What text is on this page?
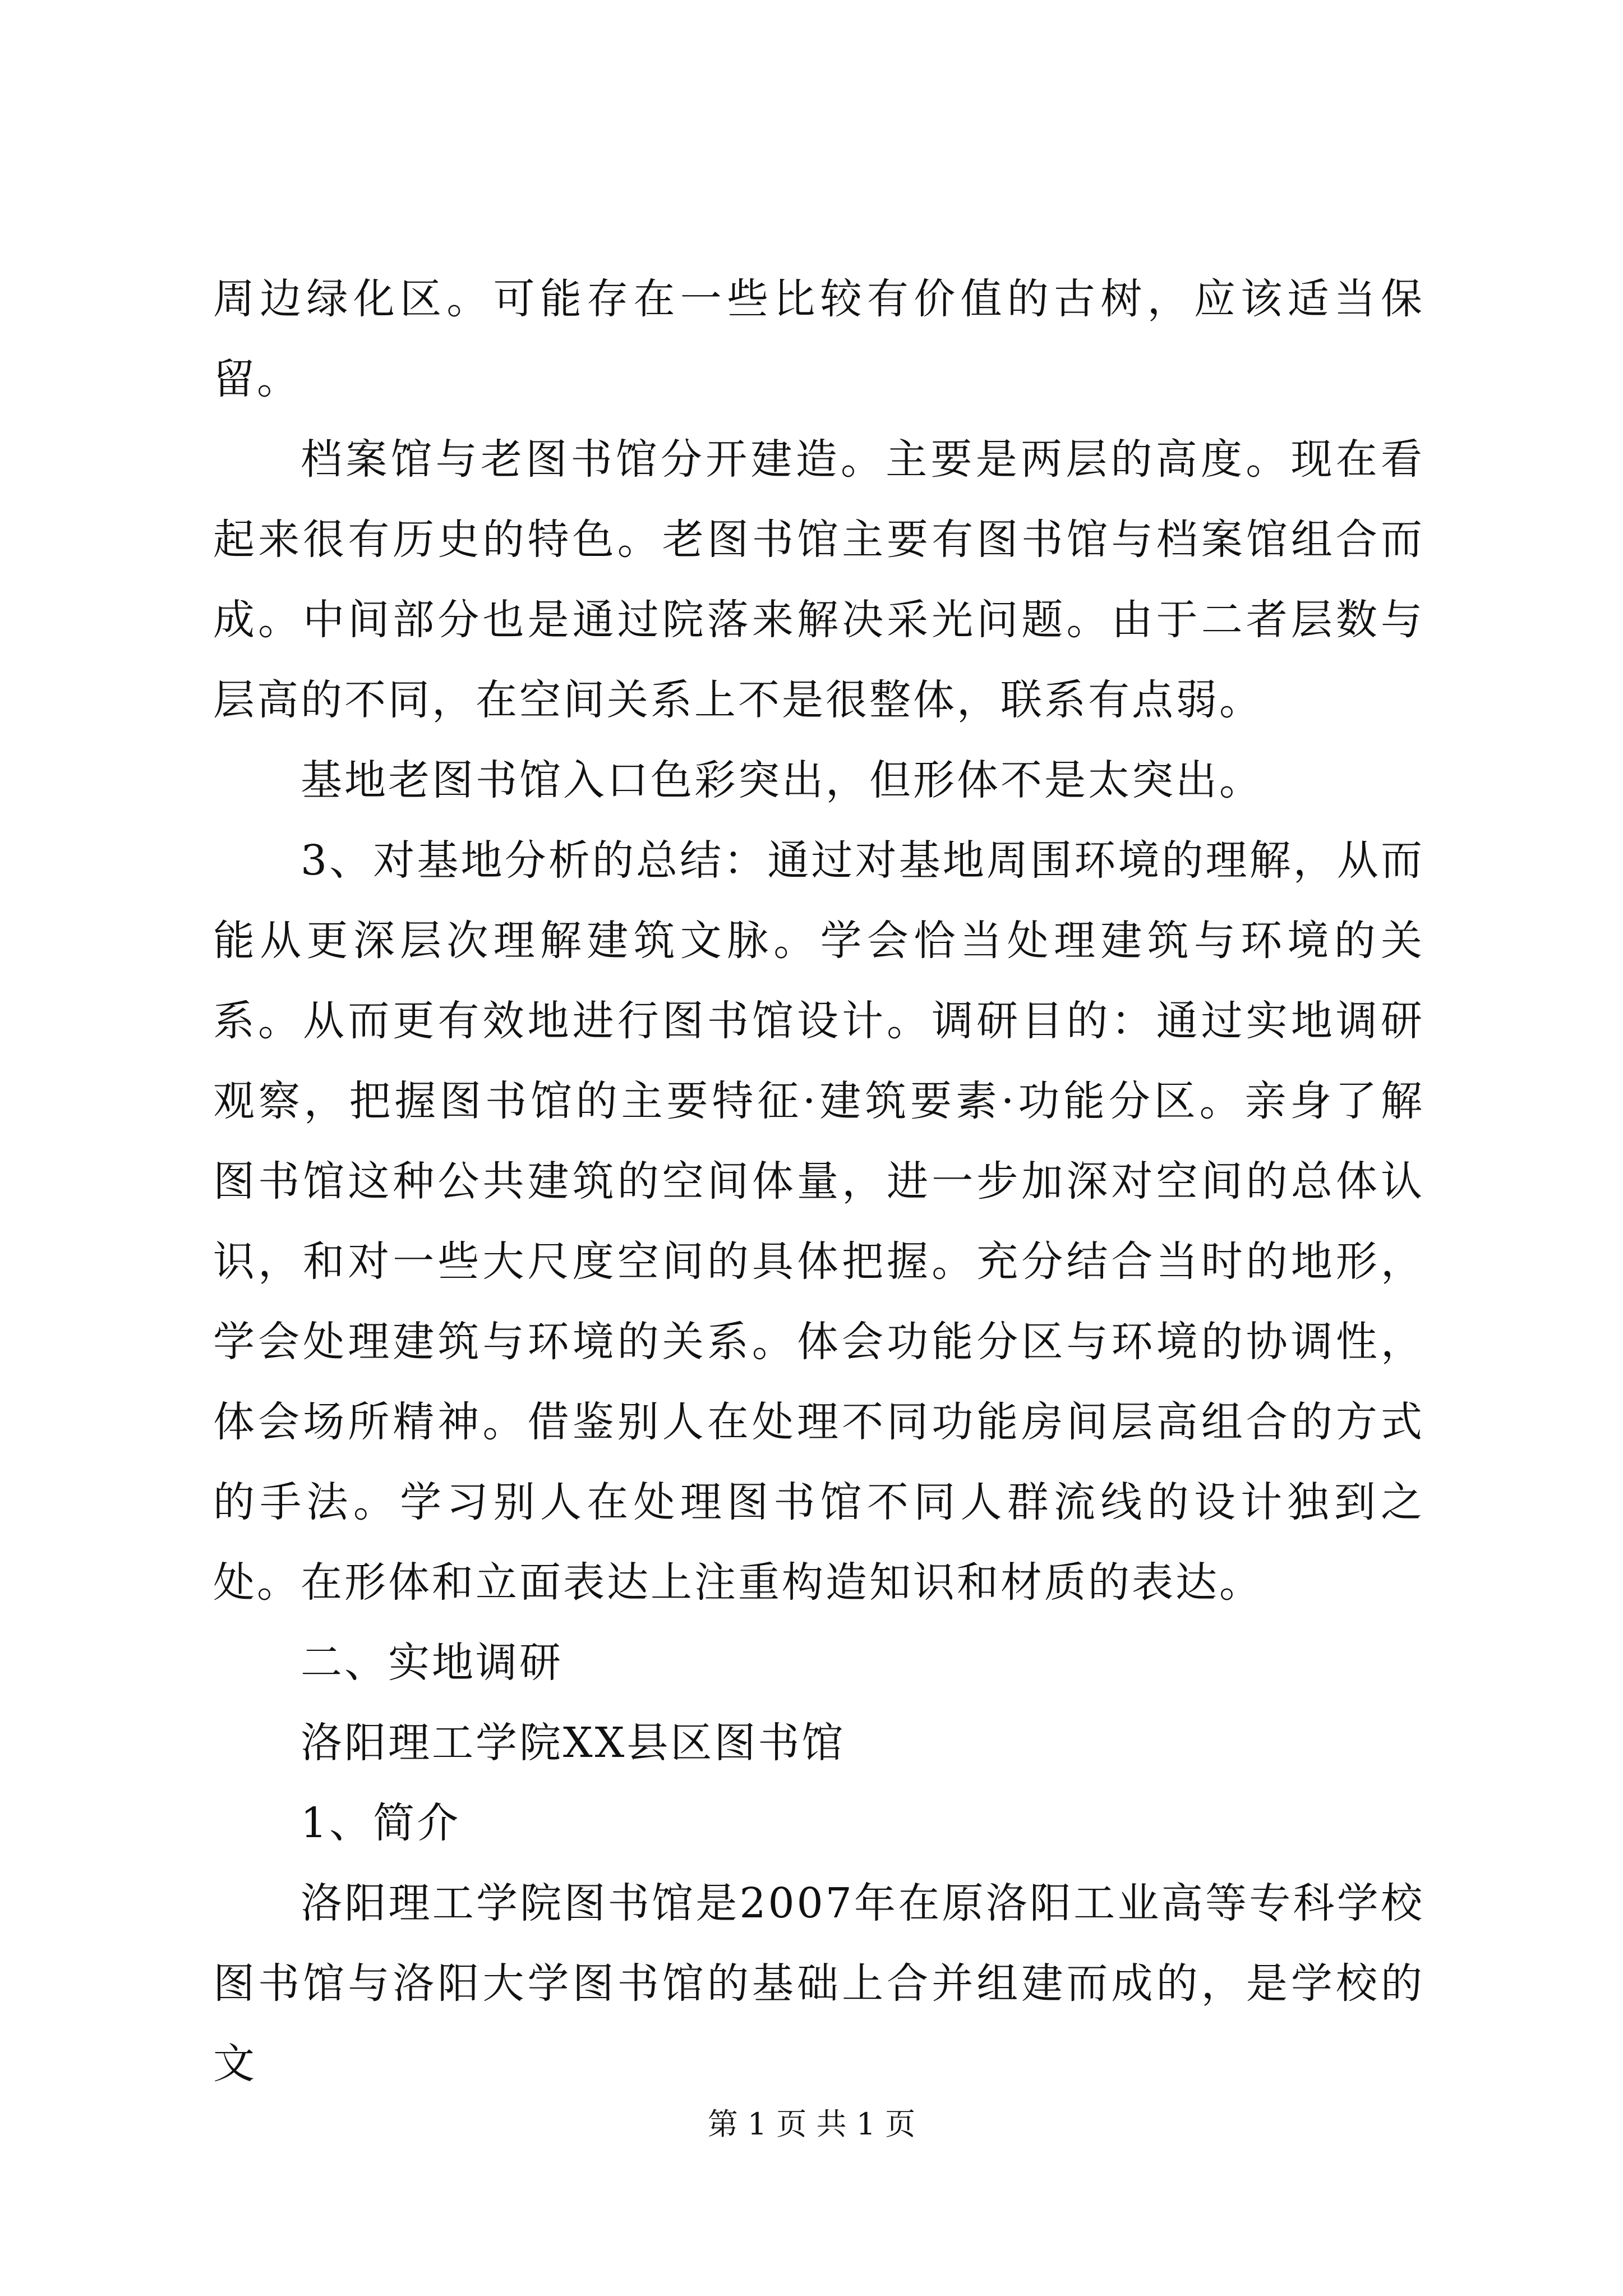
周边绿化区。可能存在一些比较有价值的古树，应该适当保留。

档案馆与老图书馆分开建造。主要是两层的高度。现在看起来很有历史的特色。老图书馆主要有图书馆与档案馆组合而成。中间部分也是通过院落来解决采光问题。由于二者层数与层高的不同，在空间关系上不是很整体，联系有点弱。

基地老图书馆入口色彩突出，但形体不是太突出。

3、对基地分析的总结：通过对基地周围环境的理解，从而能从更深层次理解建筑文脉。学会恰当处理建筑与环境的关系。从而更有效地进行图书馆设计。调研目的：通过实地调研观察，把握图书馆的主要特征·建筑要素·功能分区。亲身了解图书馆这种公共建筑的空间体量，进一步加深对空间的总体认识，和对一些大尺度空间的具体把握。充分结合当时的地形，学会处理建筑与环境的关系。体会功能分区与环境的协调性，体会场所精神。借鉴别人在处理不同功能房间层高组合的方式的手法。学习别人在处理图书馆不同人群流线的设计独到之处。在形体和立面表达上注重构造知识和材质的表达。

二、实地调研

洛阳理工学院XX县区图书馆

1、简介

洛阳理工学院图书馆是2007年在原洛阳工业高等专科学校图书馆与洛阳大学图书馆的基础上合并组建而成的，是学校的文

第 1 页 共 1 页
